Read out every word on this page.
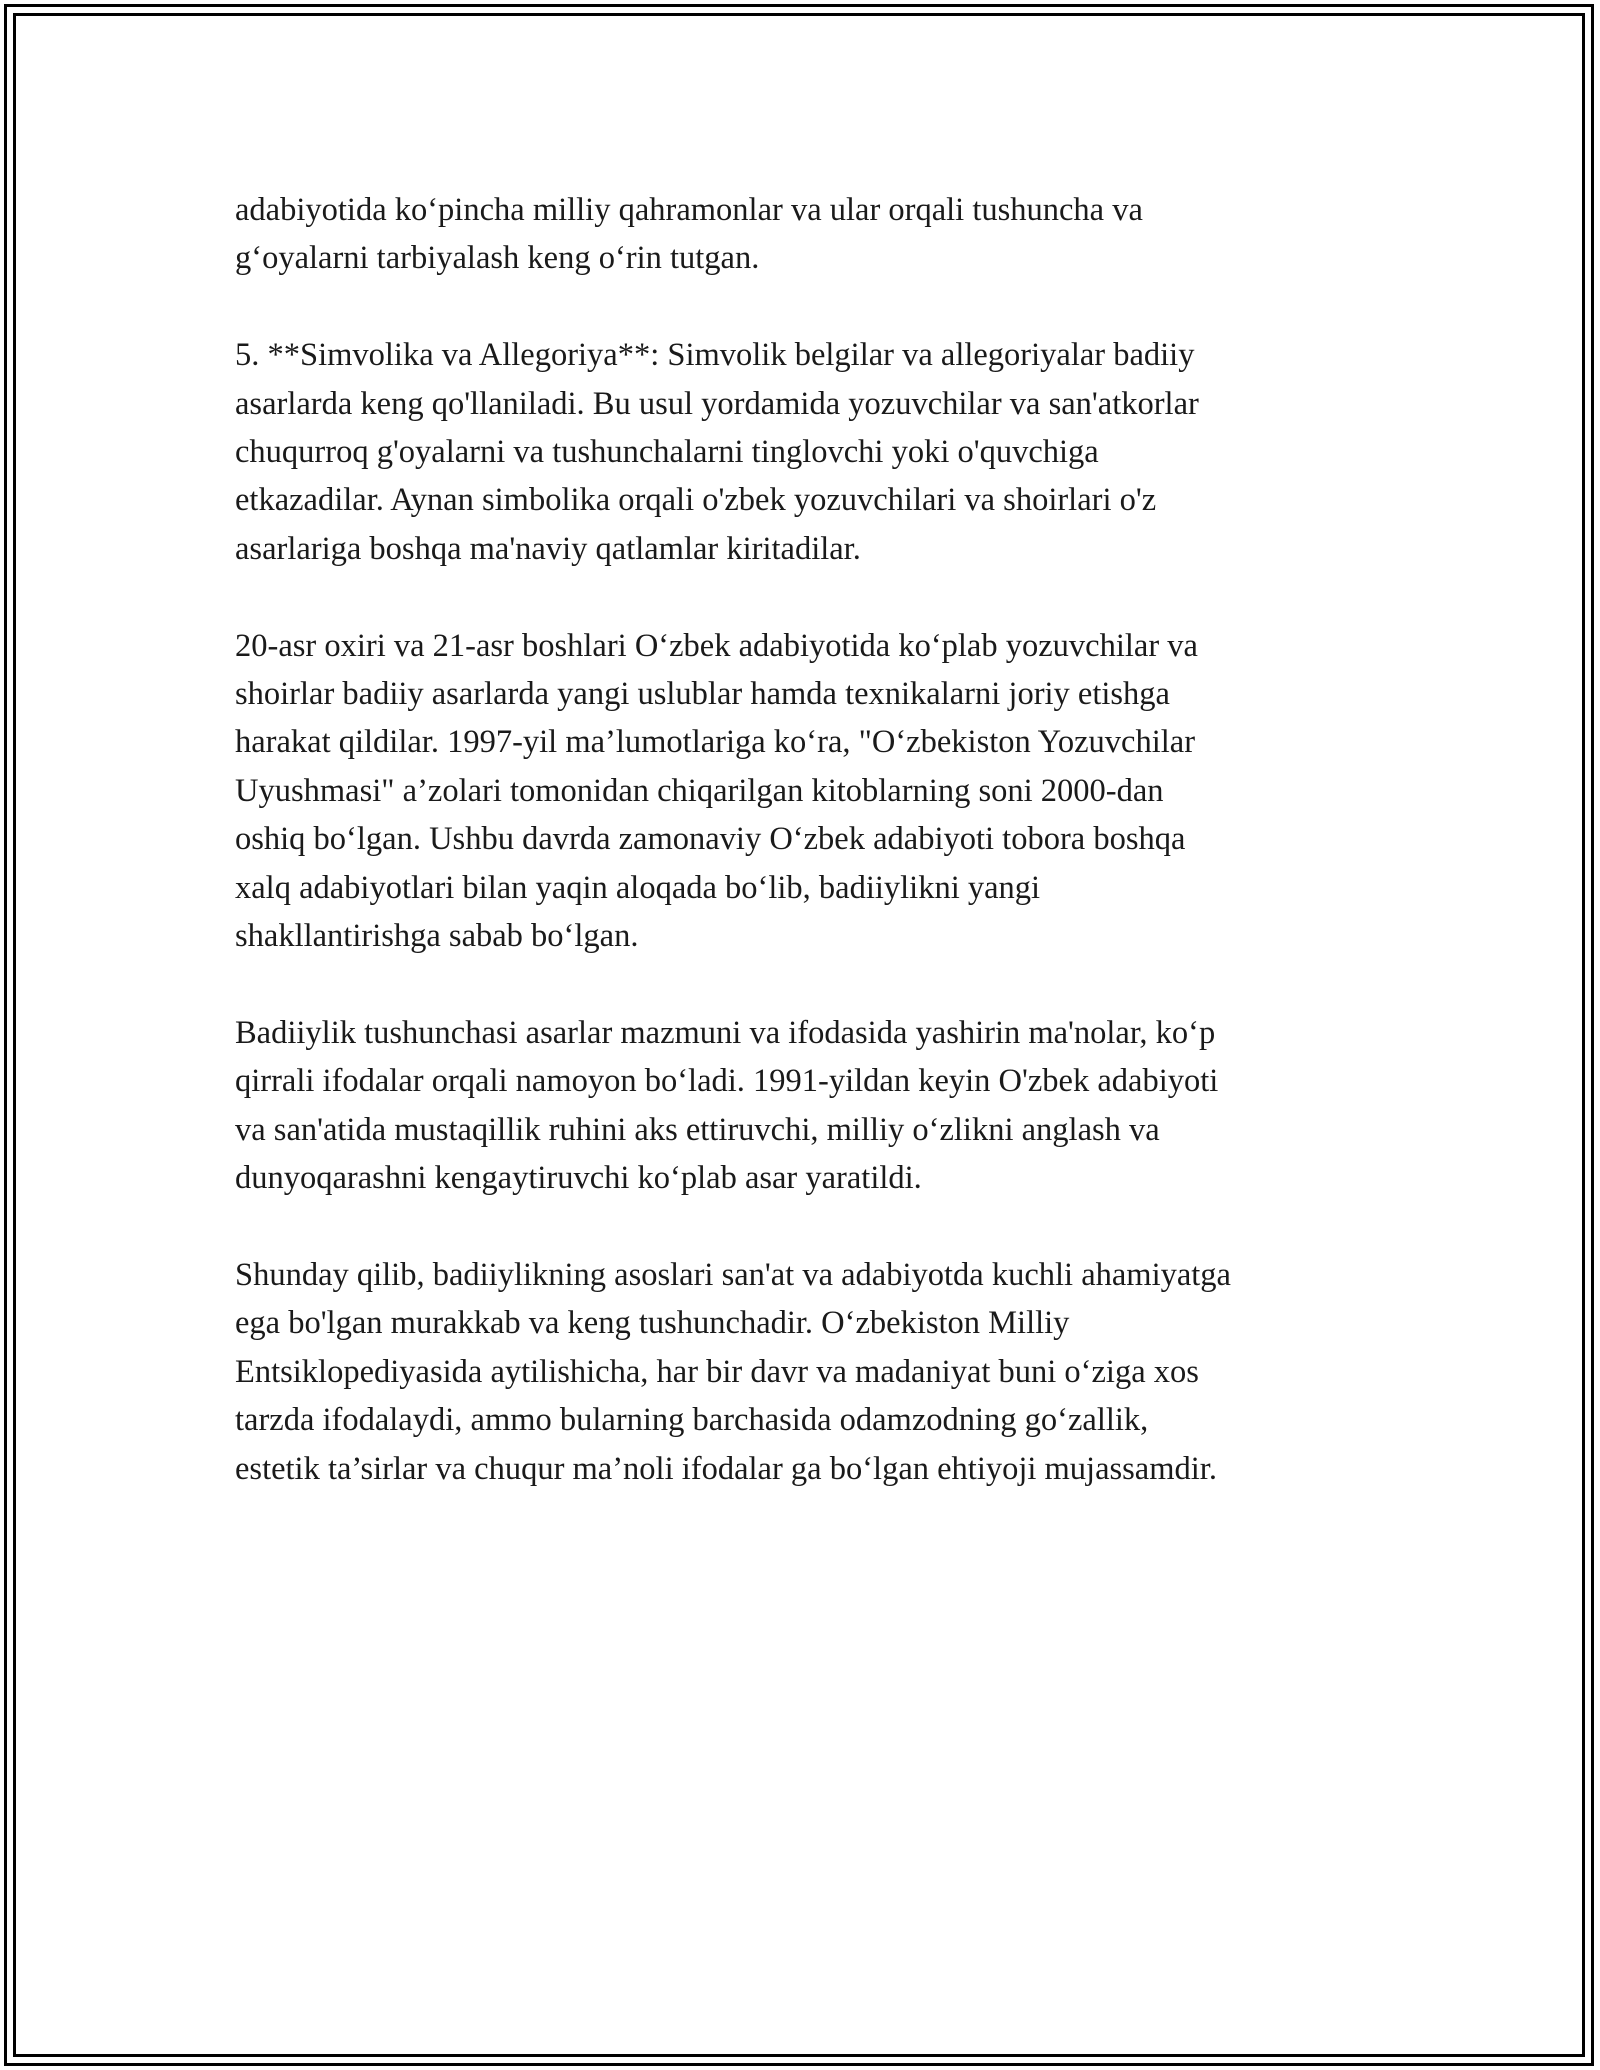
adabiyotida ko‘pincha milliy qahramonlar va ular orqali tushuncha va
g‘oyalarni tarbiyalash keng o‘rin tutgan.

5. **Simvolika va Allegoriya**: Simvolik belgilar va allegoriyalar badiiy
asarlarda keng qo'llaniladi. Bu usul yordamida yozuvchilar va san'atkorlar
chuqurroq g'oyalarni va tushunchalarni tinglovchi yoki o'quvchiga
etkazadilar. Aynan simbolika orqali o'zbek yozuvchilari va shoirlari o'z
asarlariga boshqa ma'naviy qatlamlar kiritadilar.

20-asr oxiri va 21-asr boshlari O‘zbek adabiyotida ko‘plab yozuvchilar va
shoirlar badiiy asarlarda yangi uslublar hamda texnikalarni joriy etishga
harakat qildilar. 1997-yil ma’lumotlariga ko‘ra, "O‘zbekiston Yozuvchilar
Uyushmasi" a’zolari tomonidan chiqarilgan kitoblarning soni 2000-dan
oshiq bo‘lgan. Ushbu davrda zamonaviy O‘zbek adabiyoti tobora boshqa
xalq adabiyotlari bilan yaqin aloqada bo‘lib, badiiylikni yangi
shakllantirishga sabab bo‘lgan.

Badiiylik tushunchasi asarlar mazmuni va ifodasida yashirin ma'nolar, ko‘p
qirrali ifodalar orqali namoyon bo‘ladi. 1991-yildan keyin O'zbek adabiyoti
va san'atida mustaqillik ruhini aks ettiruvchi, milliy o‘zlikni anglash va
dunyoqarashni kengaytiruvchi ko‘plab asar yaratildi.

Shunday qilib, badiiylikning asoslari san'at va adabiyotda kuchli ahamiyatga
ega bo'lgan murakkab va keng tushunchadir. O‘zbekiston Milliy
Entsiklopediyasida aytilishicha, har bir davr va madaniyat buni o‘ziga xos
tarzda ifodalaydi, ammo bularning barchasida odamzodning go‘zallik,
estetik ta’sirlar va chuqur ma’noli ifodalar ga bo‘lgan ehtiyoji mujassamdir.
